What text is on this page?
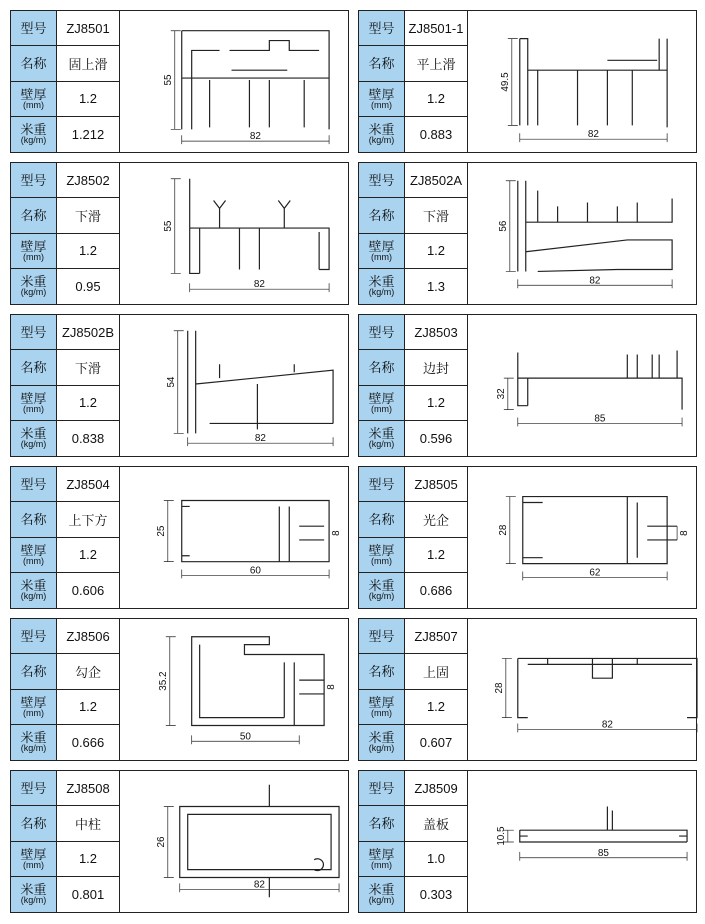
型号	ZJ8501
名称	固上滑
壁厚
(mm)	1.2
米重
(kg/m)	1.212
55
82
型号 ZJ8501-1
名称	平上滑
壁厚
(mm)	1.2
米重
(kg/m)	0.883
49.5
82
型号	ZJ8502
名称	下滑
壁厚
(mm)	1.2
米重
(kg/m)	0.95
55
82
型号	ZJ8502A
名称	下滑
壁厚
(mm)	1.2
米重
(kg/m)	1.3
56
82
型号	ZJ8502B
名称	下滑
壁厚
(mm)	1.2
米重
(kg/m)	0.838
54
82
型号	ZJ8503
名称	边封
壁厚
(mm)	1.2
米重
(kg/m)	0.596
32
85
型号	ZJ8504
名称	上下方
壁厚
(mm)	1.2
米重
(kg/m)	0.606
25
60
8
型号	ZJ8505
名称	光企
壁厚
(mm)	1.2
米重
(kg/m)	0.686
28
62
8
型号	ZJ8506
名称	勾企
壁厚
(mm)	1.2
米重
(kg/m)	0.666
35.2
50
8
型号	ZJ8507
名称	上固
壁厚
(mm)	1.2
米重
(kg/m)	0.607
28
82
型号	ZJ8508
名称	中柱
壁厚
(mm)	1.2
米重
(kg/m)	0.801
26
82
型号	ZJ8509
名称	盖板
壁厚
(mm)	1.0
米重
(kg/m)	0.303
10.5
85
